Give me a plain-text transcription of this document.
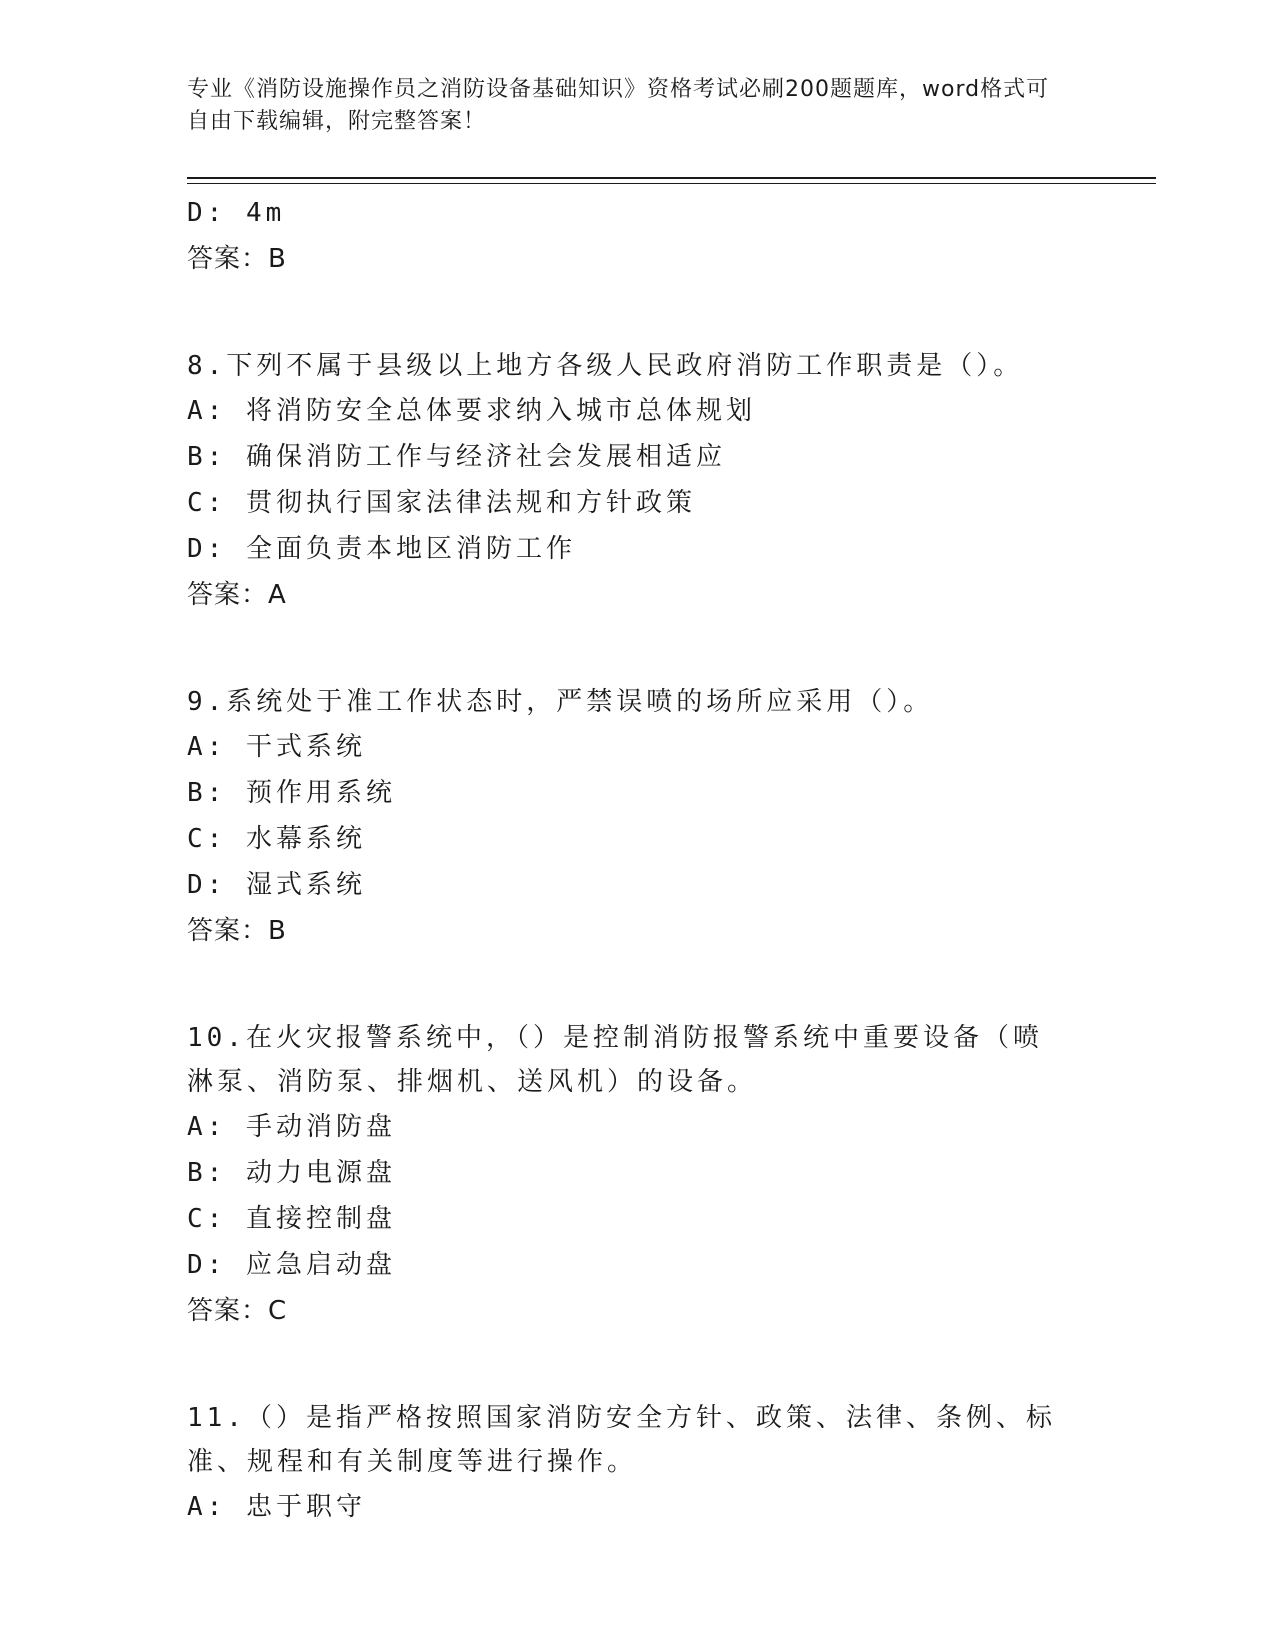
专业《消防设施操作员之消防设备基础知识》资格考试必刷200题题库，word格式可自由下载编辑，附完整答案！
D: 4m
答案：B
8.下列不属于县级以上地方各级人民政府消防工作职责是（）。
A: 将消防安全总体要求纳入城市总体规划
B: 确保消防工作与经济社会发展相适应
C: 贯彻执行国家法律法规和方针政策
D: 全面负责本地区消防工作
答案：A
9.系统处于准工作状态时，严禁误喷的场所应采用（）。
A: 干式系统
B: 预作用系统
C: 水幕系统
D: 湿式系统
答案：B
10.在火灾报警系统中，（）是控制消防报警系统中重要设备（喷淋泵、消防泵、排烟机、送风机）的设备。
A: 手动消防盘
B: 动力电源盘
C: 直接控制盘
D: 应急启动盘
答案：C
11.（）是指严格按照国家消防安全方针、政策、法律、条例、标准、规程和有关制度等进行操作。
A: 忠于职守
